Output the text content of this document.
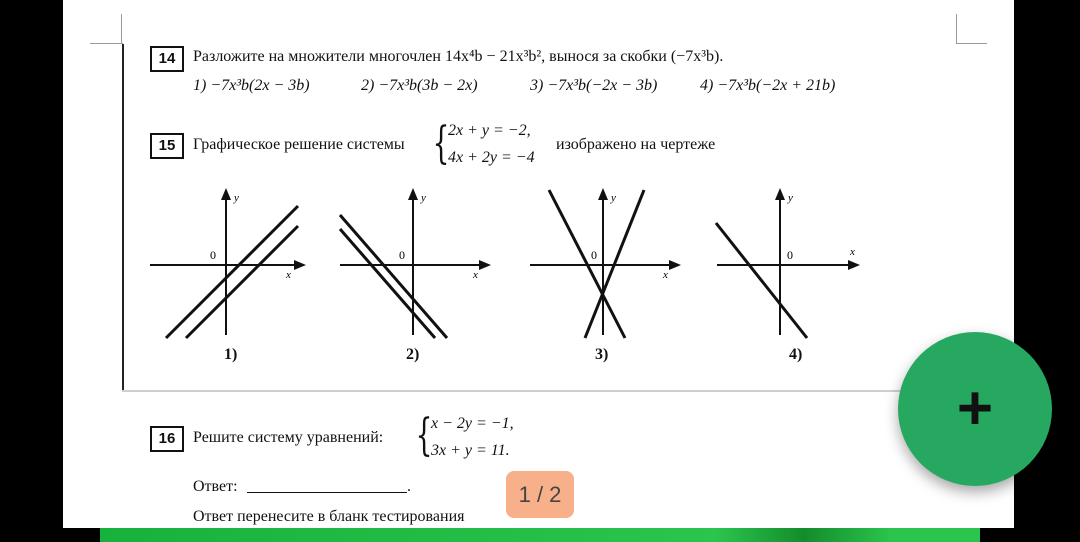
14	Разложите на множители многочлен 14x⁴b − 21x³b², вынося за скобки (−7x³b).
1) −7x³b(2x − 3b)	2) −7x³b(3b − 2x)	3) −7x³b(−2x − 3b)	4) −7x³b(−2x + 21b)
15	Графическое решение системы {
2x + y = −2,
4x + 2y = −4
изображено на чертеже
y
0
x
1)
y
0
x
2)
y
0
x
3)
y
0	x
4)
16	Решите систему уравнений: {
x − 2y = −1,
3x + y = 11.
Ответ:	.
Ответ перенесите в бланк тестирования
1 / 2
+
